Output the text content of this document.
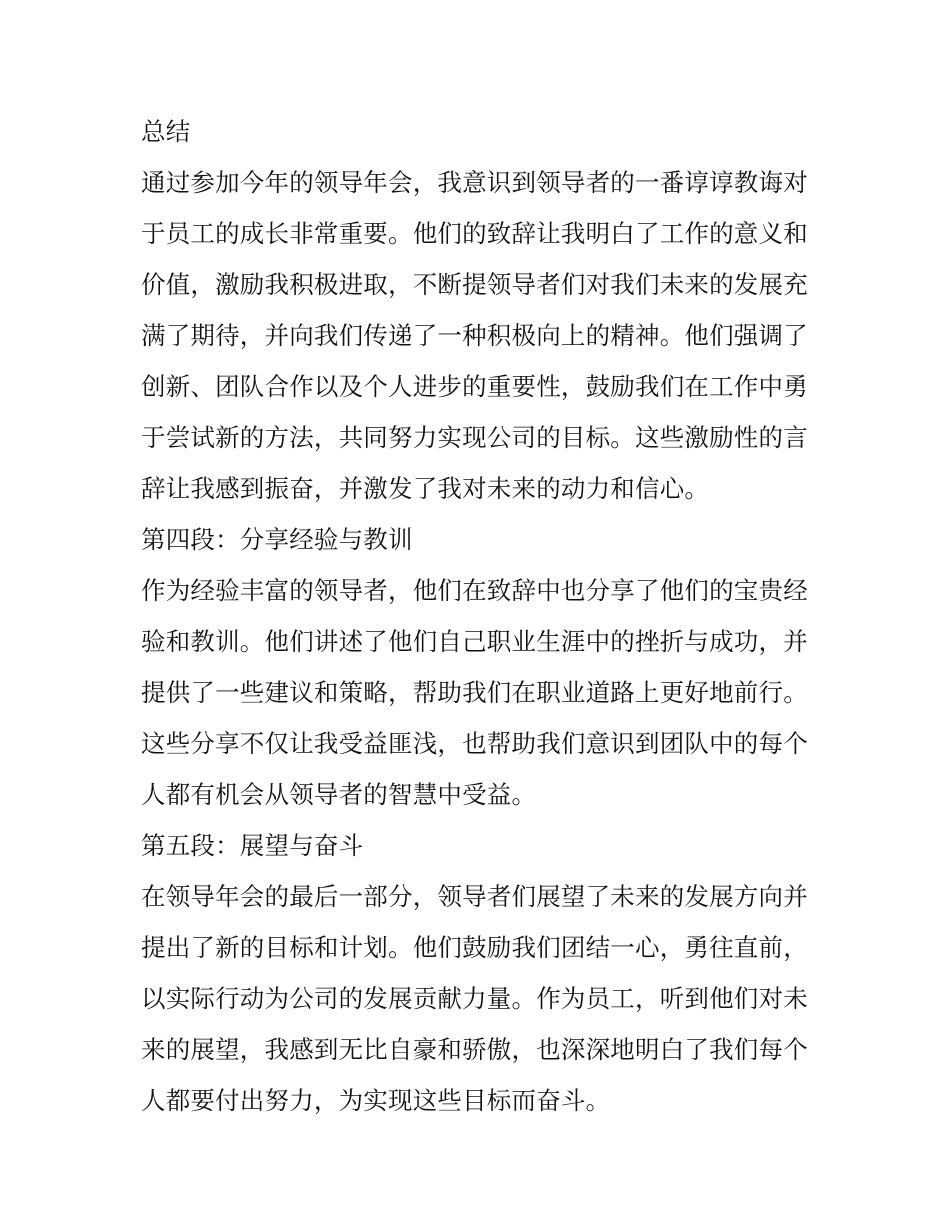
总结
通过参加今年的领导年会，我意识到领导者的一番谆谆教诲对
于员工的成长非常重要。他们的致辞让我明白了工作的意义和
价值，激励我积极进取，不断提领导者们对我们未来的发展充
满了期待，并向我们传递了一种积极向上的精神。他们强调了
创新、团队合作以及个人进步的重要性，鼓励我们在工作中勇
于尝试新的方法，共同努力实现公司的目标。这些激励性的言
辞让我感到振奋，并激发了我对未来的动力和信心。
第四段：分享经验与教训
作为经验丰富的领导者，他们在致辞中也分享了他们的宝贵经
验和教训。他们讲述了他们自己职业生涯中的挫折与成功，并
提供了一些建议和策略，帮助我们在职业道路上更好地前行。
这些分享不仅让我受益匪浅，也帮助我们意识到团队中的每个
人都有机会从领导者的智慧中受益。
第五段：展望与奋斗
在领导年会的最后一部分，领导者们展望了未来的发展方向并
提出了新的目标和计划。他们鼓励我们团结一心，勇往直前，
以实际行动为公司的发展贡献力量。作为员工，听到他们对未
来的展望，我感到无比自豪和骄傲，也深深地明白了我们每个
人都要付出努力，为实现这些目标而奋斗。
